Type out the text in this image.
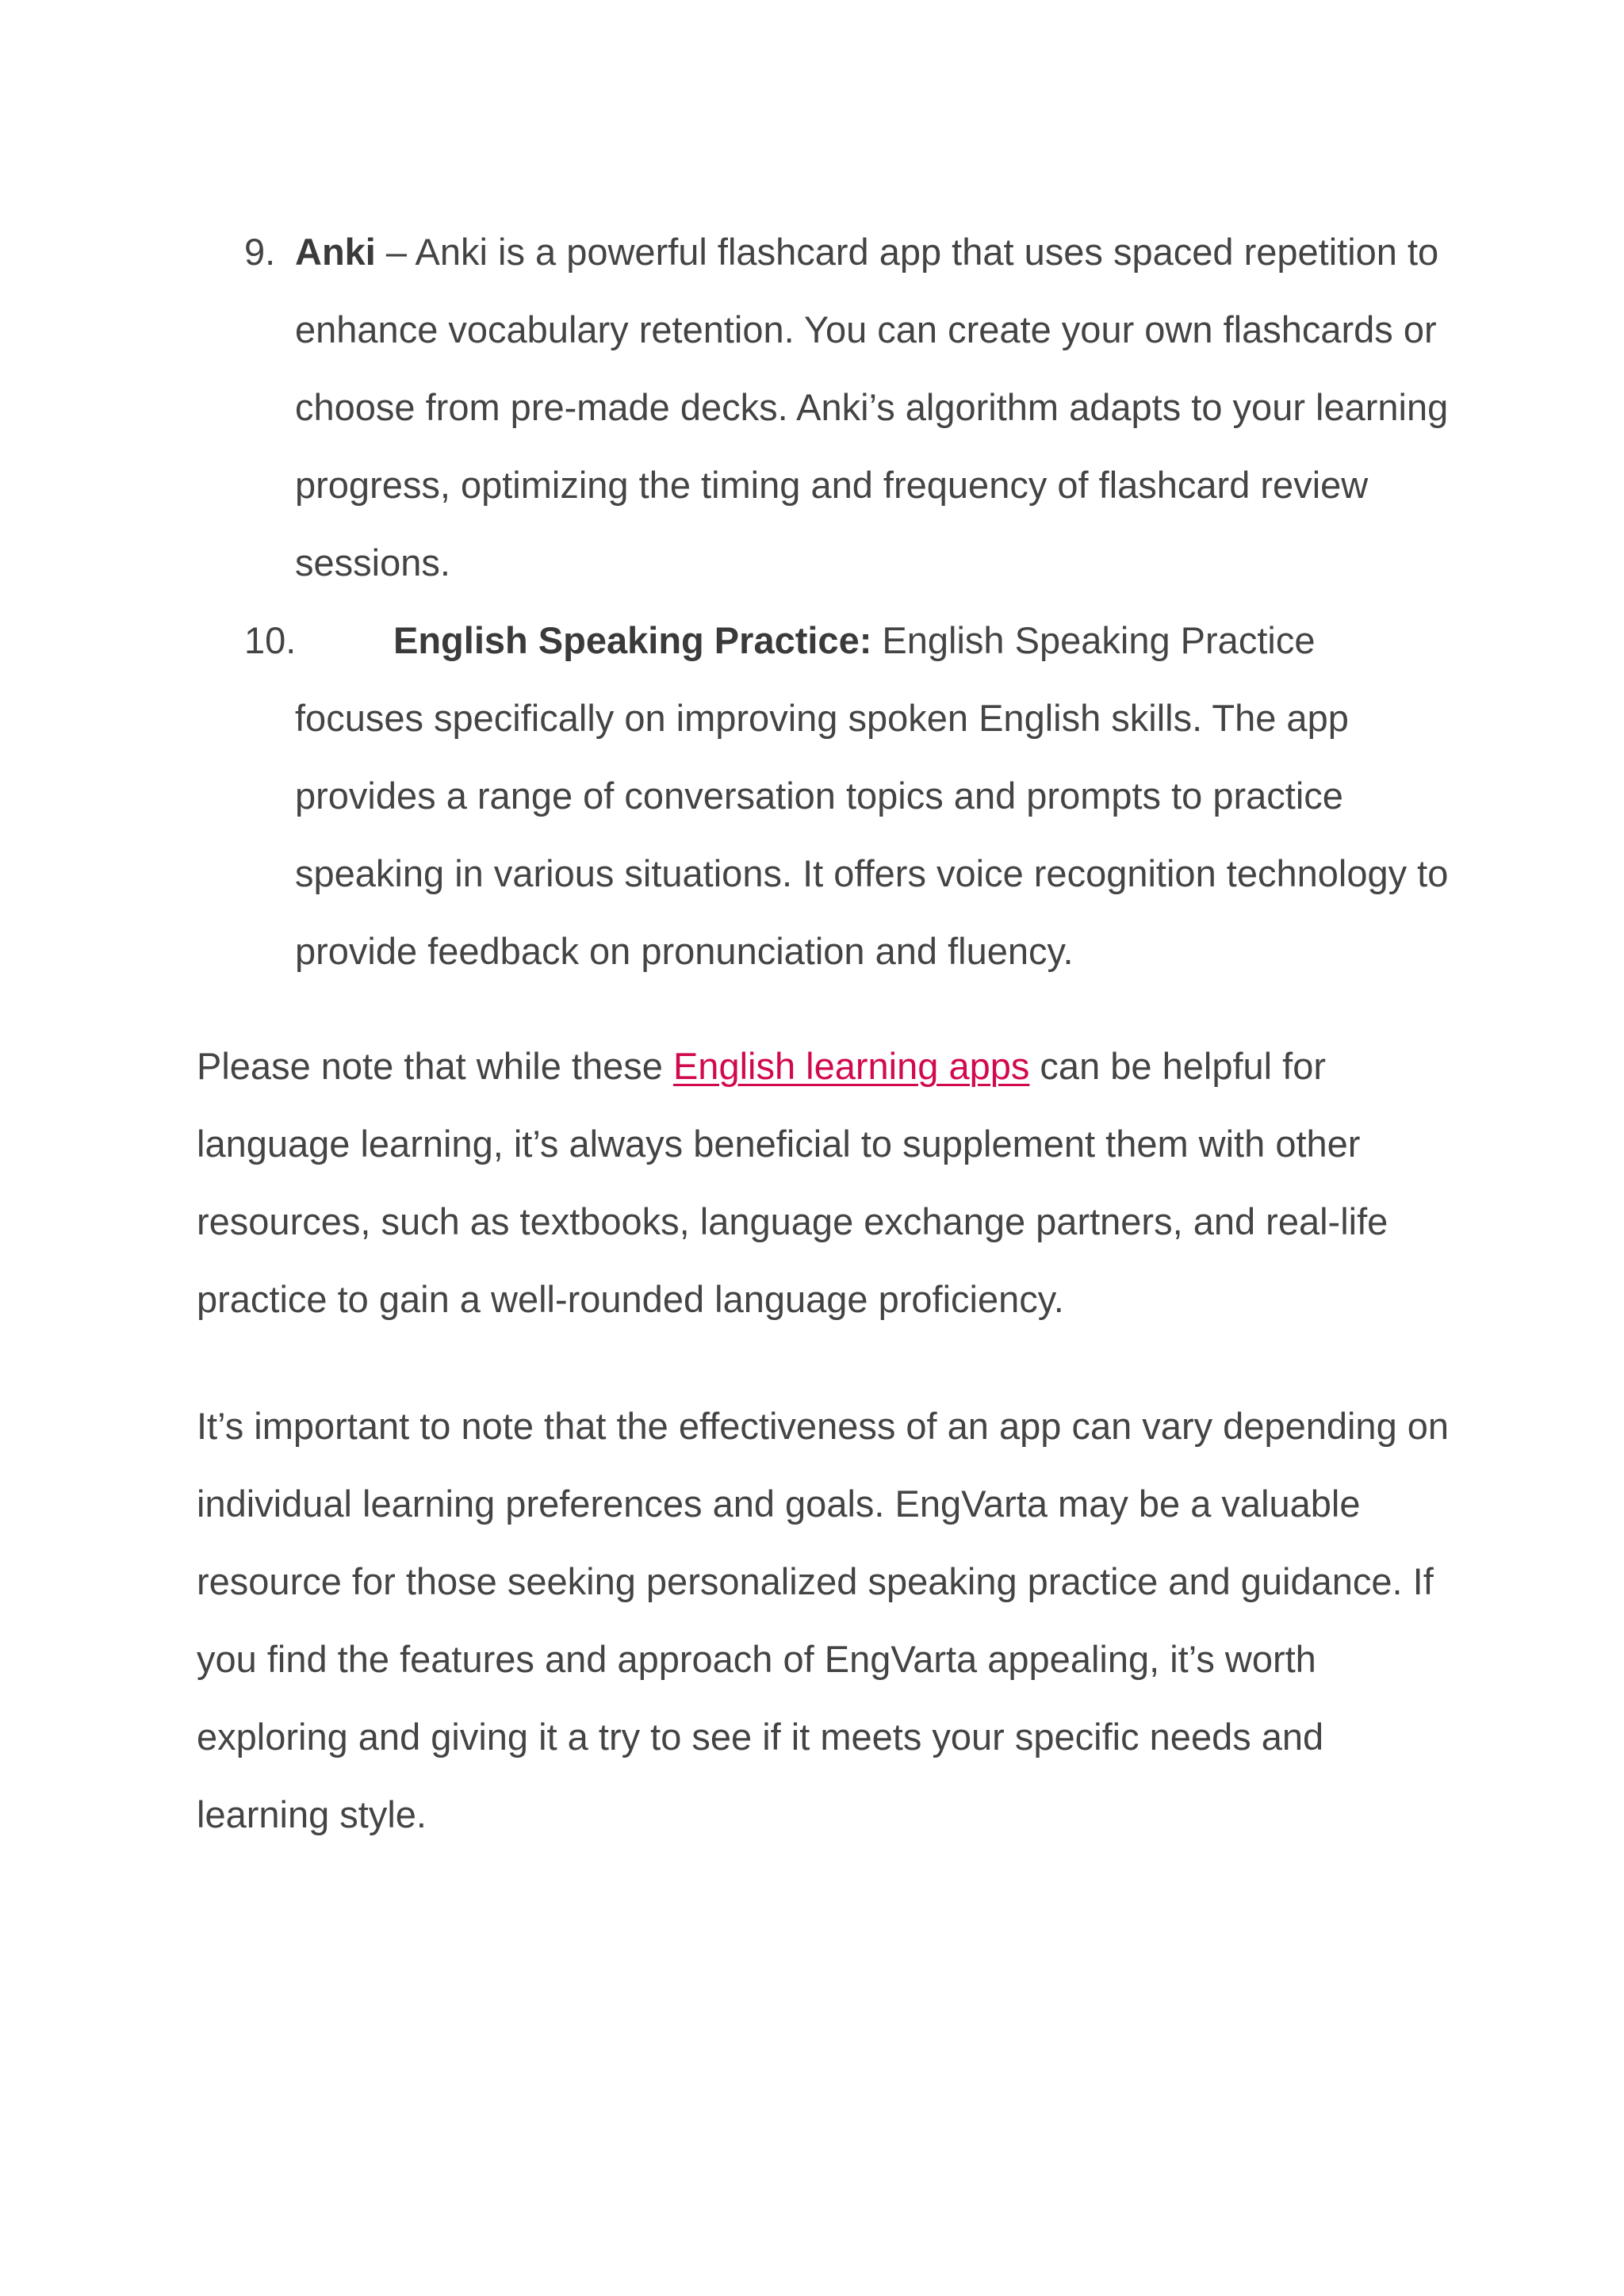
9. Anki – Anki is a powerful flashcard app that uses spaced repetition to enhance vocabulary retention. You can create your own flashcards or choose from pre-made decks. Anki’s algorithm adapts to your learning progress, optimizing the timing and frequency of flashcard review sessions.
10.	English Speaking Practice: English Speaking Practice focuses specifically on improving spoken English skills. The app provides a range of conversation topics and prompts to practice speaking in various situations. It offers voice recognition technology to provide feedback on pronunciation and fluency.

Please note that while these English learning apps can be helpful for language learning, it’s always beneficial to supplement them with other resources, such as textbooks, language exchange partners, and real-life practice to gain a well-rounded language proficiency.

It’s important to note that the effectiveness of an app can vary depending on individual learning preferences and goals. EngVarta may be a valuable resource for those seeking personalized speaking practice and guidance. If you find the features and approach of EngVarta appealing, it’s worth exploring and giving it a try to see if it meets your specific needs and learning style.
